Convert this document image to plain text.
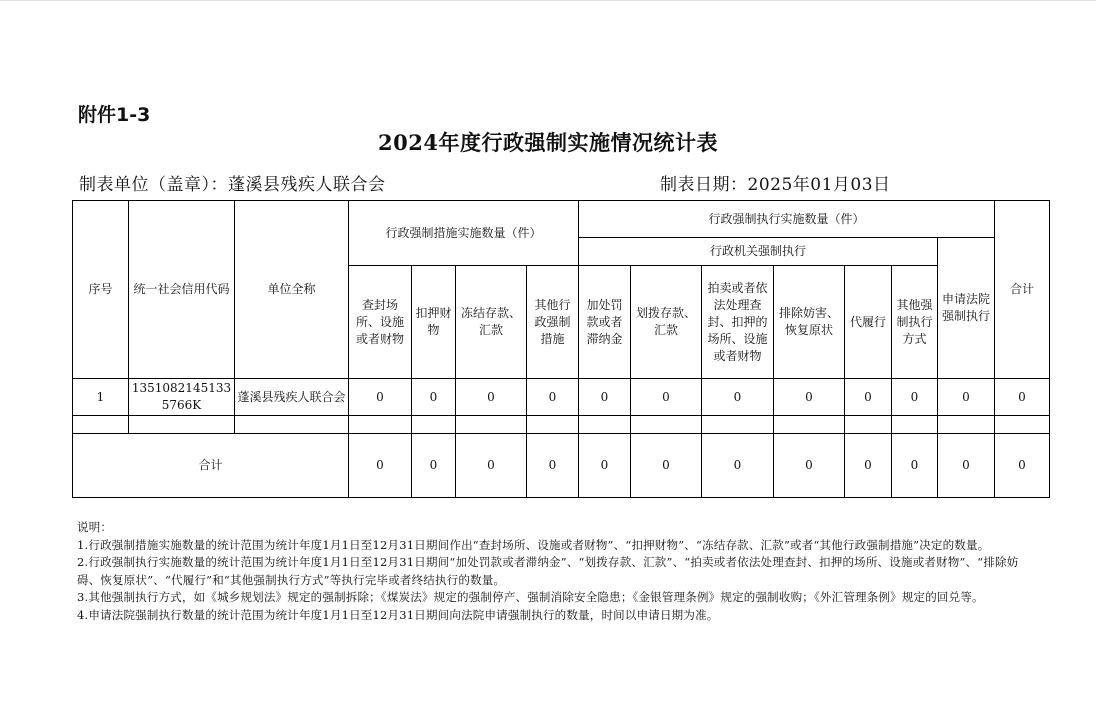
附件1-3
2024年度行政强制实施情况统计表
制表单位（盖章）：蓬溪县残疾人联合会	制表日期：2025年01月03日
序号	统一社会信用代码	单位全称	行政强制措施实施数量（件）				行政强制执行实施数量（件）							合计
							行政机关强制执行						申请法院强制执行	
			查封场所、设施或者财物	扣押财物	冻结存款、汇款	其他行政强制措施	加处罚款或者滞纳金	划拨存款、汇款	拍卖或者依法处理查封、扣押的场所、设施或者财物	排除妨害、恢复原状	代履行	其他强制执行方式		
1	13510821451335766K	蓬溪县残疾人联合会	0	0	0	0	0	0	0	0	0	0	0	0

合计			0	0	0	0	0	0	0	0	0	0	0	0
说明：
1.行政强制措施实施数量的统计范围为统计年度1月1日至12月31日期间作出“查封场所、设施或者财物”、“扣押财物”、“冻结存款、汇款”或者“其他行政强制措施”决定的数量。
2.行政强制执行实施数量的统计范围为统计年度1月1日至12月31日期间“加处罚款或者滞纳金”、“划拨存款、汇款”、“拍卖或者依法处理查封、扣押的场所、设施或者财物”、“排除妨碍、恢复原状”、“代履行”和“其他强制执行方式”等执行完毕或者终结执行的数量。
3.其他强制执行方式，如《城乡规划法》规定的强制拆除；《煤炭法》规定的强制停产、强制消除安全隐患；《金银管理条例》规定的强制收购；《外汇管理条例》规定的回兑等。
4.申请法院强制执行数量的统计范围为统计年度1月1日至12月31日期间向法院申请强制执行的数量，时间以申请日期为准。
